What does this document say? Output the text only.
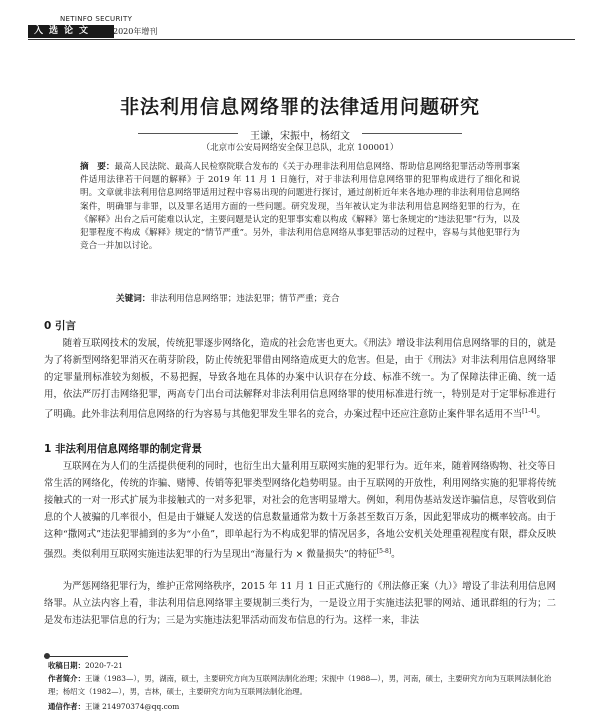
NETINFO SECURITY
入选论文	2020年增刊
非法利用信息网络罪的法律适用问题研究
王谦，宋振中，杨绍文
（北京市公安局网络安全保卫总队，北京 100001）
摘　要：最高人民法院、最高人民检察院联合发布的《关于办理非法利用信息网络、帮助信息网络犯罪活动等刑事案件适用法律若干问题的解释》于 2019 年 11 月 1 日施行，对于非法利用信息网络罪的犯罪构成进行了细化和说明。文章就非法利用信息网络罪适用过程中容易出现的问题进行探讨，通过剖析近年来各地办理的非法利用信息网络案件，明确罪与非罪，以及罪名适用方面的一些问题。研究发现，当年被认定为非法利用信息网络犯罪的行为，在《解释》出台之后可能难以认定，主要问题是认定的犯罪事实难以构成《解释》第七条规定的“违法犯罪”行为，以及犯罪程度不构成《解释》规定的“情节严重”。另外，非法利用信息网络从事犯罪活动的过程中，容易与其他犯罪行为竞合一并加以讨论。
关键词：非法利用信息网络罪；违法犯罪；情节严重；竞合
0 引言
随着互联网技术的发展，传统犯罪逐步网络化，造成的社会危害也更大。《刑法》增设非法利用信息网络罪的目的，就是为了将新型网络犯罪消灭在萌芽阶段，防止传统犯罪借由网络造成更大的危害。但是，由于《刑法》对非法利用信息网络罪的定罪量刑标准较为刻板，不易把握，导致各地在具体的办案中认识存在分歧、标准不统一。为了保障法律正确、统一适用，依法严厉打击网络犯罪，两高专门出台司法解释对非法利用信息网络罪的使用标准进行统一，特别是对于定罪标准进行了明确。此外非法利用信息网络的行为容易与其他犯罪发生罪名的竞合，办案过程中还应注意防止案件罪名适用不当[1-4]。
1 非法利用信息网络罪的制定背景
互联网在为人们的生活提供便利的同时，也衍生出大量利用互联网实施的犯罪行为。近年来，随着网络购物、社交等日常生活的网络化，传统的诈骗、赌博、传销等犯罪类型网络化趋势明显。由于互联网的开放性，利用网络实施的犯罪将传统接触式的一对一形式扩展为非接触式的一对多犯罪，对社会的危害明显增大。例如，利用伪基站发送诈骗信息，尽管收到信息的个人被骗的几率很小，但是由于嫌疑人发送的信息数量通常为数十万条甚至数百万条，因此犯罪成功的概率较高。由于这种“撒网式”违法犯罪捕到的多为“小鱼”，即单起行为不构成犯罪的情况居多，各地公安机关处理重视程度有限，群众反映强烈。类似利用互联网实施违法犯罪的行为呈现出“海量行为 × 微量损失”的特征[5-8]。
为严惩网络犯罪行为，维护正常网络秩序，2015 年 11 月 1 日正式施行的《刑法修正案（九）》增设了非法利用信息网络罪。从立法内容上看，非法利用信息网络罪主要规制三类行为，一是设立用于实施违法犯罪的网站、通讯群组的行为；二是发布违法犯罪信息的行为；三是为实施违法犯罪活动而发布信息的行为。这样一来，非法
收稿日期：2020-7-21
作者简介：王谦（1983—），男，湖南，硕士，主要研究方向为互联网法制化治理；宋振中（1988—），男，河南，硕士，主要研究方向为互联网法制化治理；杨绍文（1982—），男，吉林，硕士，主要研究方向为互联网法制化治理。
通信作者：王谦 214970374@qq.com
